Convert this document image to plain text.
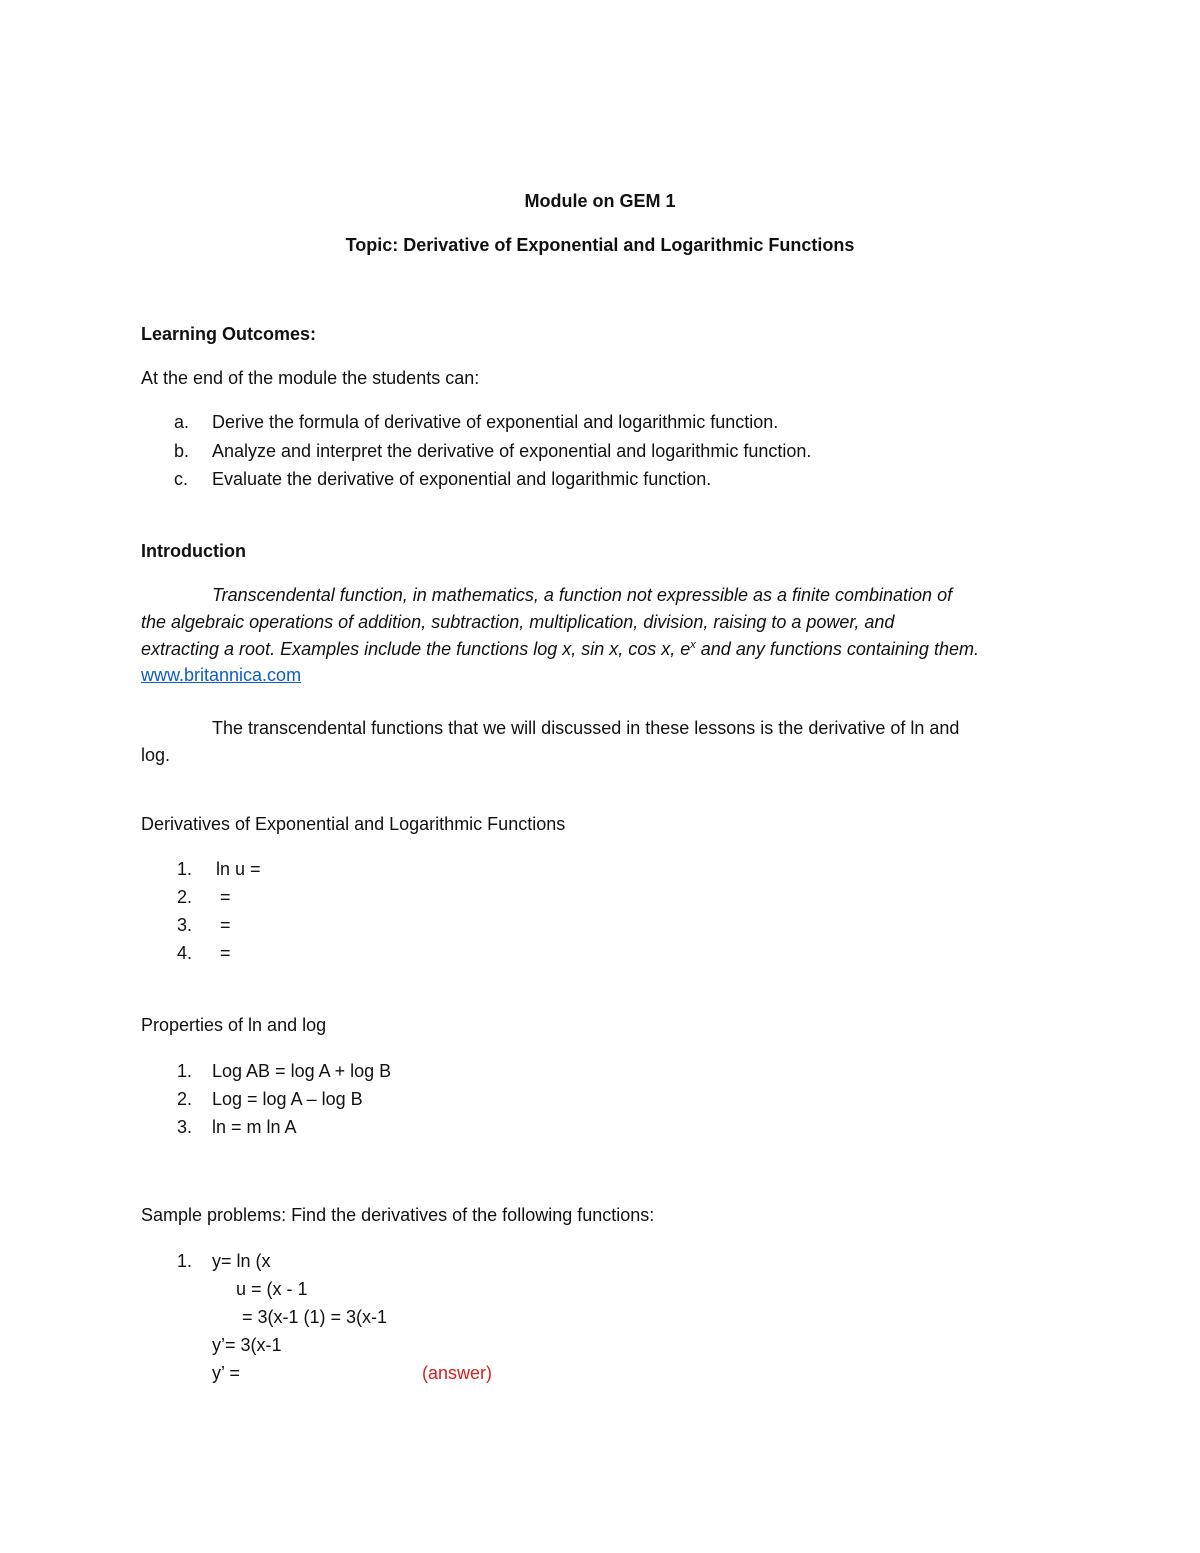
Module on GEM 1
Topic: Derivative of Exponential and Logarithmic Functions
Learning Outcomes:
At the end of the module the students can:
a. Derive the formula of derivative of exponential and logarithmic function.
b. Analyze and interpret the derivative of exponential and logarithmic function.
c. Evaluate the derivative of exponential and logarithmic function.
Introduction
Transcendental function, in mathematics, a function not expressible as a finite combination of
the algebraic operations of addition, subtraction, multiplication, division, raising to a power, and
extracting a root. Examples include the functions log x, sin x, cos x, $e^x$ and any functions containing them.
www.britannica.com
The transcendental functions that we will discussed in these lessons is the derivative of ln and
log.
Derivatives of Exponential and Logarithmic Functions
1. ln u =
2. =
3. =
4. =
Properties of ln and log
1. Log AB = log A + log B
2. Log = log A – log B
3. ln = m ln A
Sample problems: Find the derivatives of the following functions:
1. y= ln (x
u = (x - 1
= 3(x-1 (1) = 3(x-1
y’= 3(x-1
y’ =	(answer)
